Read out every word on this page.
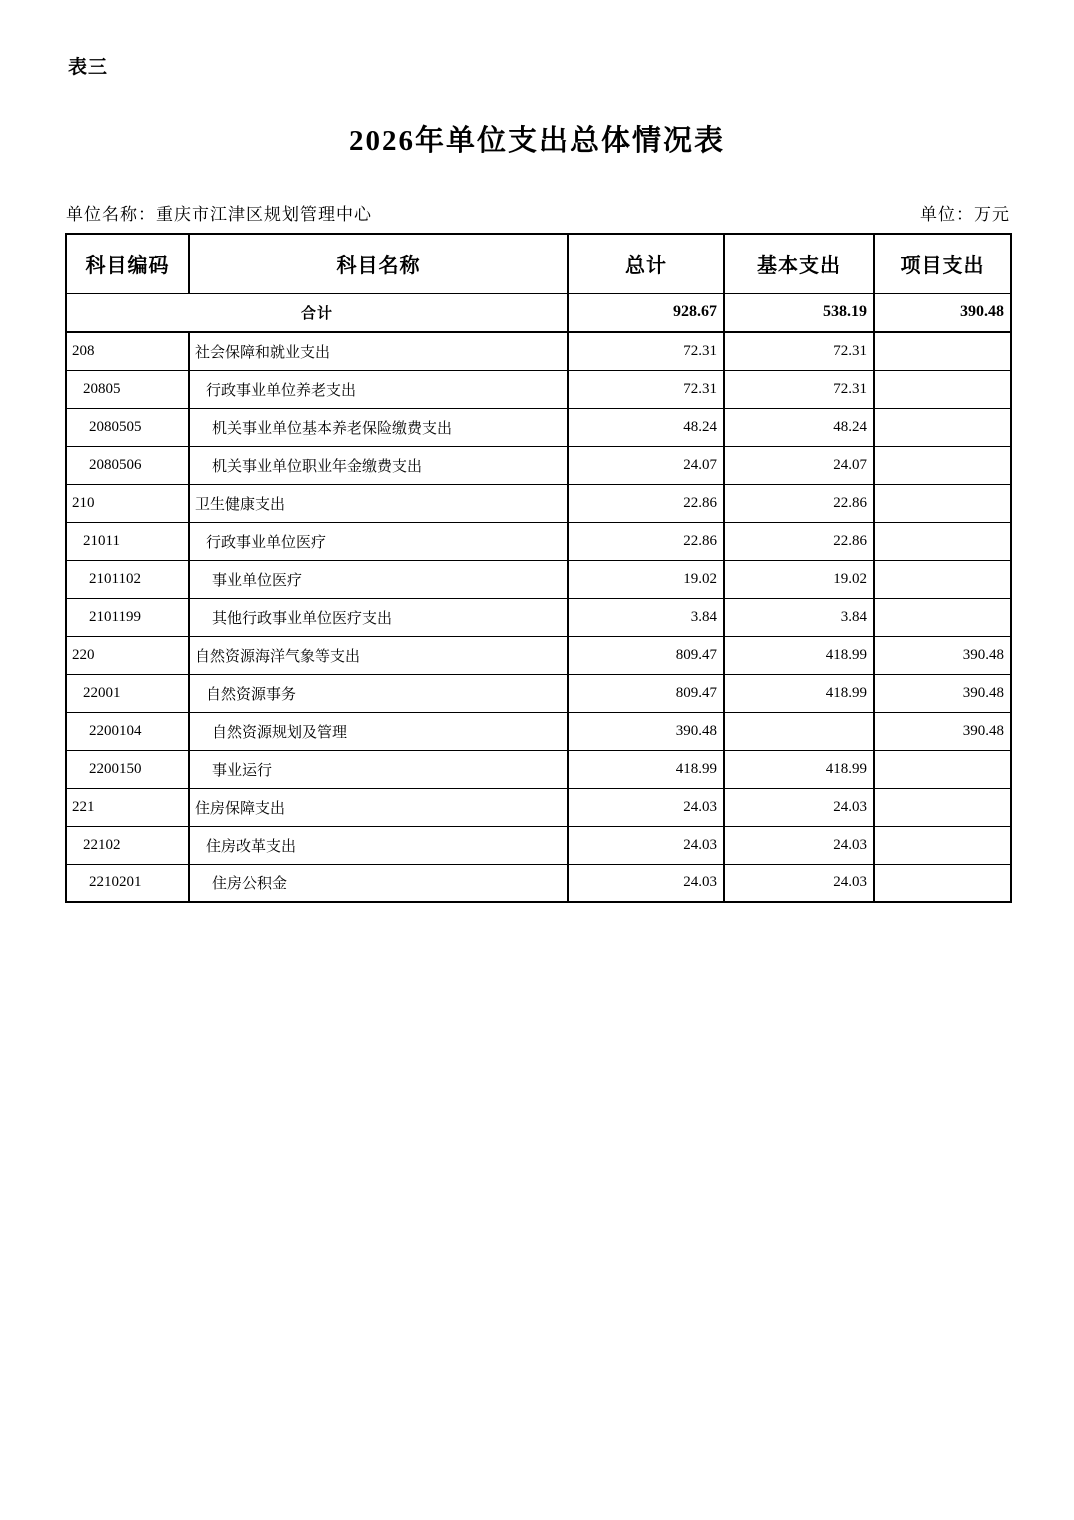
表三
2026年单位支出总体情况表
单位名称：重庆市江津区规划管理中心	单位：万元
科目编码	科目名称	总计	基本支出	项目支出
合计		928.67	538.19	390.48
208	社会保障和就业支出	72.31	72.31	
20805	行政事业单位养老支出	72.31	72.31	
2080505	机关事业单位基本养老保险缴费支出	48.24	48.24	
2080506	机关事业单位职业年金缴费支出	24.07	24.07	
210	卫生健康支出	22.86	22.86	
21011	行政事业单位医疗	22.86	22.86	
2101102	事业单位医疗	19.02	19.02	
2101199	其他行政事业单位医疗支出	3.84	3.84	
220	自然资源海洋气象等支出	809.47	418.99	390.48
22001	自然资源事务	809.47	418.99	390.48
2200104	自然资源规划及管理	390.48		390.48
2200150	事业运行	418.99	418.99	
221	住房保障支出	24.03	24.03	
22102	住房改革支出	24.03	24.03	
2210201	住房公积金	24.03	24.03	
